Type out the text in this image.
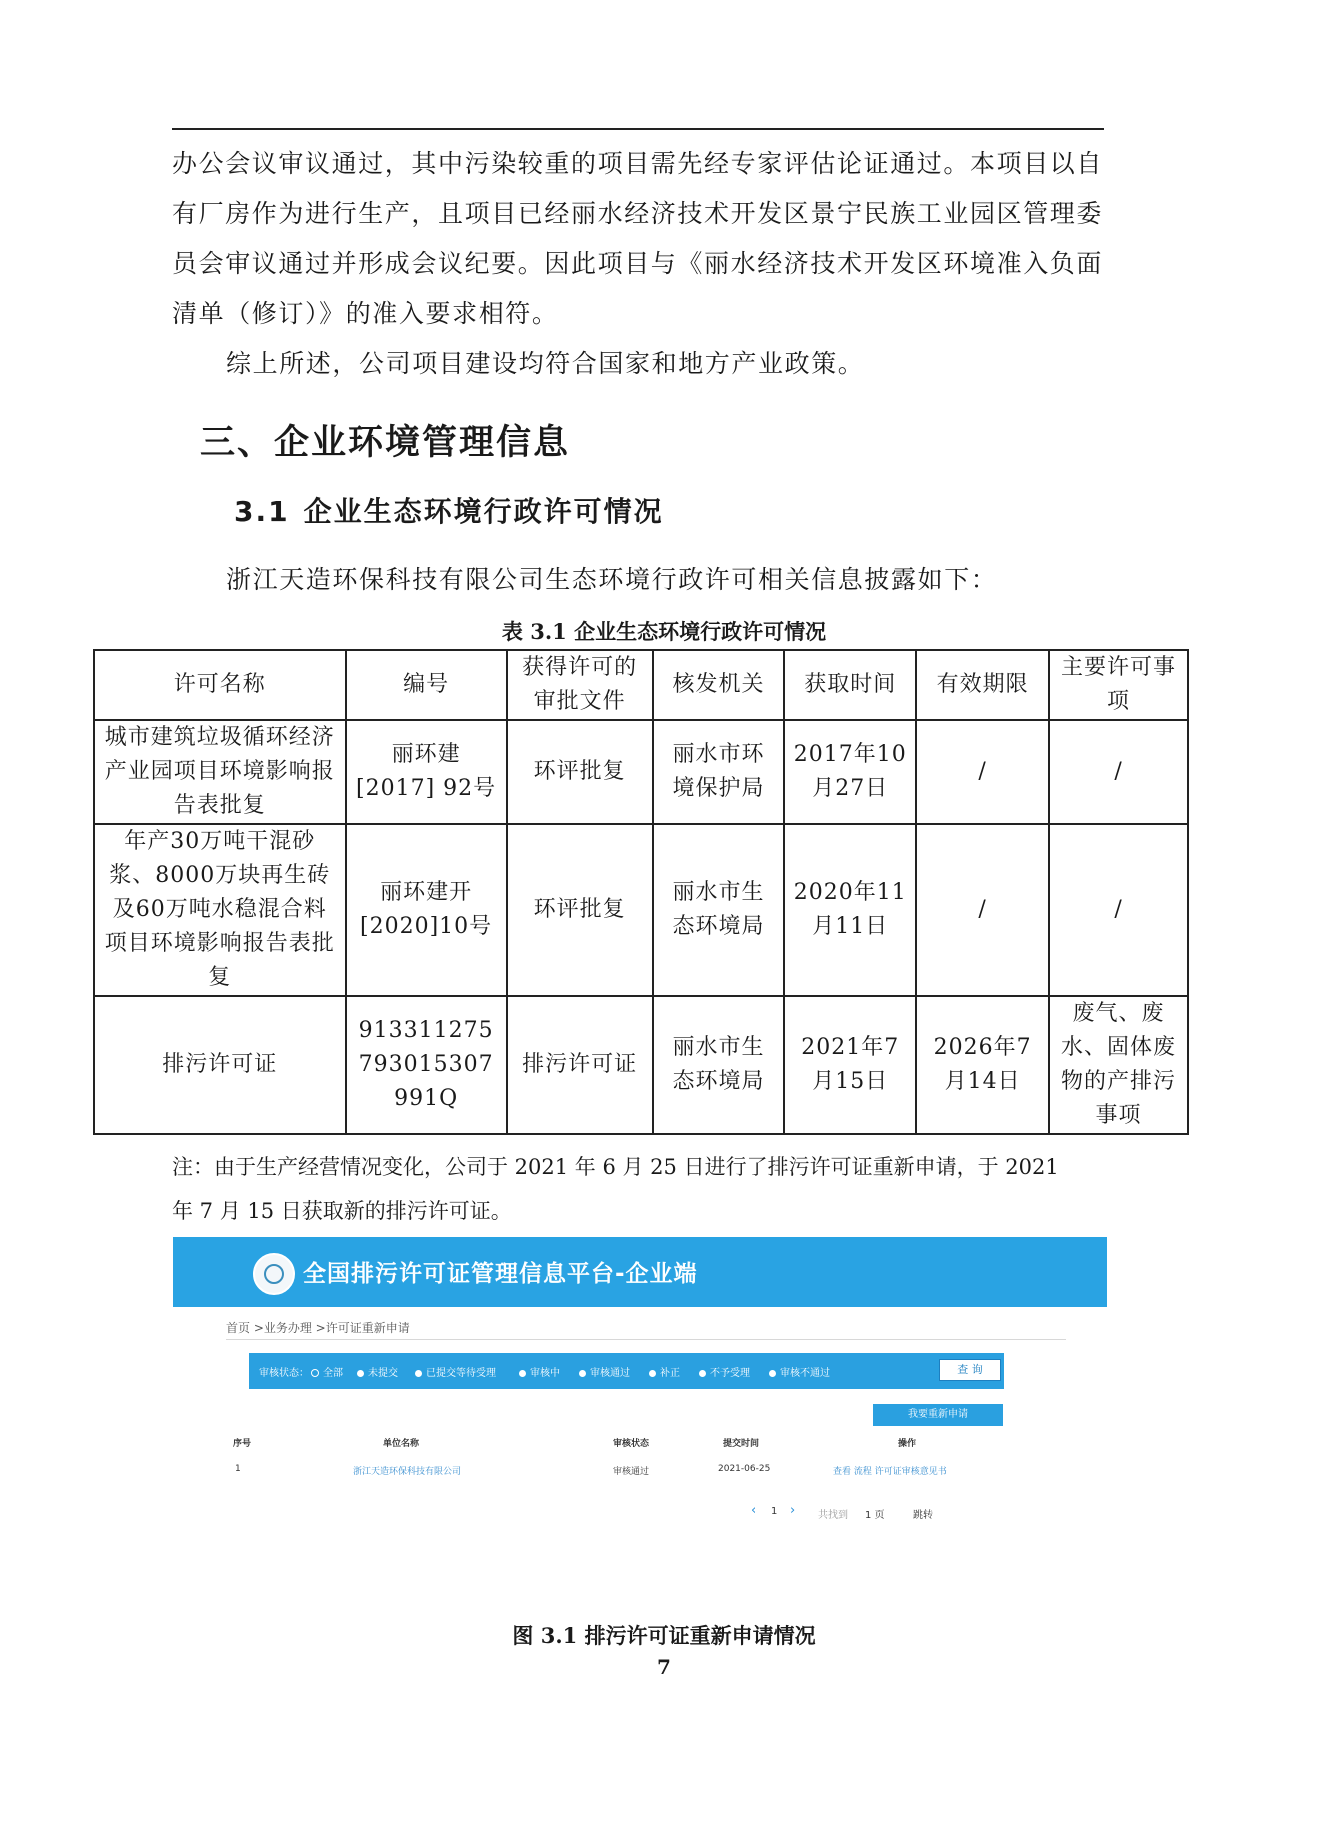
办公会议审议通过，其中污染较重的项目需先经专家评估论证通过。本项目以自
有厂房作为进行生产，且项目已经丽水经济技术开发区景宁民族工业园区管理委
员会审议通过并形成会议纪要。因此项目与《丽水经济技术开发区环境准入负面
清单（修订）》的准入要求相符。

综上所述，公司项目建设均符合国家和地方产业政策。

三、企业环境管理信息
3.1 企业生态环境行政许可情况

浙江天造环保科技有限公司生态环境行政许可相关信息披露如下：

表 3.1 企业生态环境行政许可情况

许可名称	编号	获得许可的审批文件	核发机关	获取时间	有效期限	主要许可事项
城市建筑垃圾循环经济产业园项目环境影响报告表批复	丽环建[2017] 92号	环评批复	丽水市环境保护局	2017年10月27日	/	/
年产30万吨干混砂浆、8000万块再生砖及60万吨水稳混合料项目环境影响报告表批复	丽环建开[2020]10号	环评批复	丽水市生态环境局	2020年11月11日	/	/
排污许可证	913311275793015307991Q	排污许可证	丽水市生态环境局	2021年7月15日	2026年7月14日	废气、废水、固体废物的产排污事项

注：由于生产经营情况变化，公司于 2021 年 6 月 25 日进行了排污许可证重新申请，于 2021
年 7 月 15 日获取新的排污许可证。

全国排污许可证管理信息平台-企业端
首页 >业务办理 >许可证重新申请
审核状态：	全部	未提交	已提交等待受理	审核中	审核通过	补正	不予受理	审核不通过	查 询
我要重新申请
序号	单位名称	审核状态	提交时间	操作
1	浙江天造环保科技有限公司	审核通过	2021-06-25	查看 流程 许可证审核意见书
‹ 1 › 共找到 1 页	跳转

图 3.1 排污许可证重新申请情况

7
